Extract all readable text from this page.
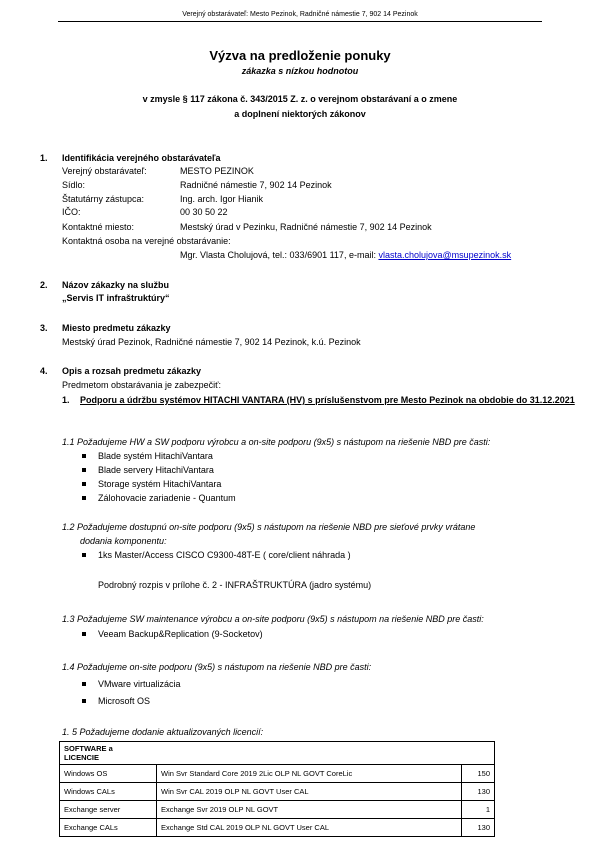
Verejný obstarávateľ: Mesto Pezinok, Radničné námestie 7, 902 14 Pezinok
Výzva na predloženie ponuky
zákazka s nízkou hodnotou
v zmysle § 117 zákona č. 343/2015 Z. z. o verejnom obstarávaní a o zmene
a doplnení niektorých zákonov
1. Identifikácia verejného obstarávateľa
Verejný obstarávateľ:	MESTO PEZINOK
Sídlo:	Radničné námestie 7, 902 14 Pezinok
Štatutárny zástupca:	Ing. arch. Igor Hianik
IČO:	00 30 50 22
Kontaktné miesto:	Mestský úrad v Pezinku, Radničné námestie 7, 902 14 Pezinok
Kontaktná osoba na verejné obstarávanie:
Mgr. Vlasta Cholujová, tel.: 033/6901 117, e-mail: vlasta.cholujova@msupezinok.sk
2. Názov zákazky na službu
„Servis IT infraštruktúry“
3. Miesto predmetu zákazky
Mestský úrad Pezinok, Radničné námestie 7, 902 14 Pezinok, k.ú. Pezinok
4. Opis a rozsah predmetu zákazky
Predmetom obstarávania je zabezpečiť:
1. Podporu a údržbu systémov HITACHI VANTARA (HV) s príslušenstvom pre Mesto Pezinok na obdobie do 31.12.2021
1.1 Požadujeme HW a SW podporu výrobcu a on-site podporu (9x5) s nástupom na riešenie NBD pre časti:
Blade systém HitachiVantara
Blade servery HitachiVantara
Storage systém HitachiVantara
Zálohovacie zariadenie - Quantum
1.2 Požadujeme dostupnú on-site podporu (9x5) s nástupom na riešenie NBD pre sieťové prvky vrátane
dodania komponentu:
1ks Master/Access CISCO C9300-48T-E ( core/client náhrada )
Podrobný rozpis v prílohe č. 2 - INFRAŠTRUKTÚRA (jadro systému)
1.3 Požadujeme SW maintenance výrobcu a on-site podporu (9x5) s nástupom na riešenie NBD pre časti:
Veeam Backup&Replication (9-Socketov)
1.4 Požadujeme on-site podporu (9x5) s nástupom na riešenie NBD pre časti:
VMware virtualizácia
Microsoft OS
1. 5 Požadujeme dodanie aktualizovaných licencií:
SOFTWARE a
LICENCIE		

Windows OS	Win Svr Standard Core 2019 2Lic OLP NL GOVT CoreLic	150
Windows CALs	Win Svr CAL 2019 OLP NL GOVT User CAL	130
Exchange server	Exchange Svr 2019 OLP NL GOVT	1
Exchange CALs	Exchange Std CAL 2019 OLP NL GOVT User CAL	130
